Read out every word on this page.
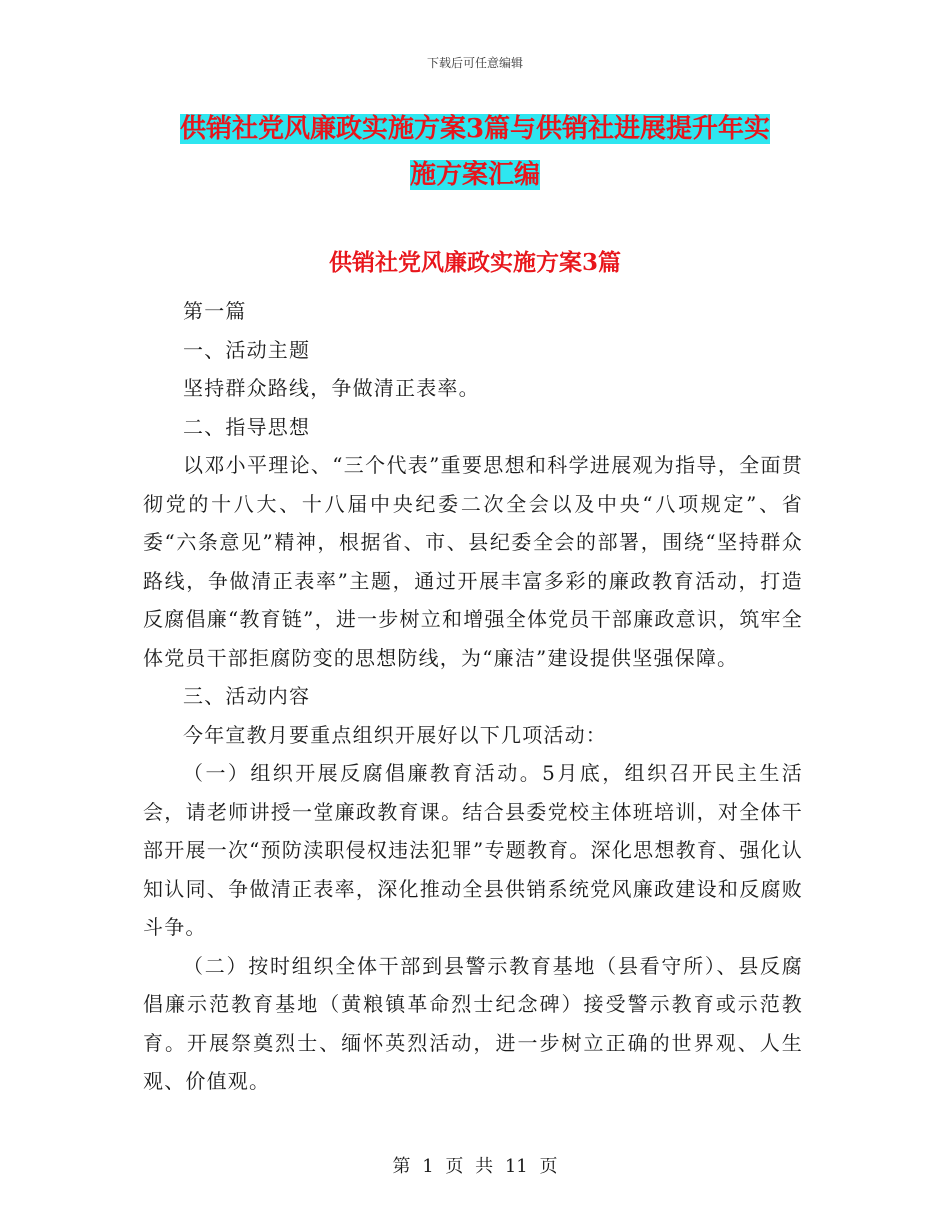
下载后可任意编辑
供销社党风廉政实施方案3篇与供销社进展提升年实
施方案汇编
供销社党风廉政实施方案3篇

第一篇

一、活动主题

坚持群众路线，争做清正表率。

二、指导思想

以邓小平理论、“三个代表”重要思想和科学进展观为指导，全面贯彻党的十八大、十八届中央纪委二次全会以及中央“八项规定”、省委“六条意见”精神，根据省、市、县纪委全会的部署，围绕“坚持群众路线，争做清正表率”主题，通过开展丰富多彩的廉政教育活动，打造反腐倡廉“教育链”，进一步树立和增强全体党员干部廉政意识，筑牢全体党员干部拒腐防变的思想防线，为“廉洁”建设提供坚强保障。

三、活动内容

今年宣教月要重点组织开展好以下几项活动：

（一）组织开展反腐倡廉教育活动。5月底，组织召开民主生活会，请老师讲授一堂廉政教育课。结合县委党校主体班培训，对全体干部开展一次“预防渎职侵权违法犯罪”专题教育。深化思想教育、强化认知认同、争做清正表率，深化推动全县供销系统党风廉政建设和反腐败斗争。

（二）按时组织全体干部到县警示教育基地（县看守所）、县反腐倡廉示范教育基地（黄粮镇革命烈士纪念碑）接受警示教育或示范教育。开展祭奠烈士、缅怀英烈活动，进一步树立正确的世界观、人生观、价值观。

第 1 页 共 11 页
